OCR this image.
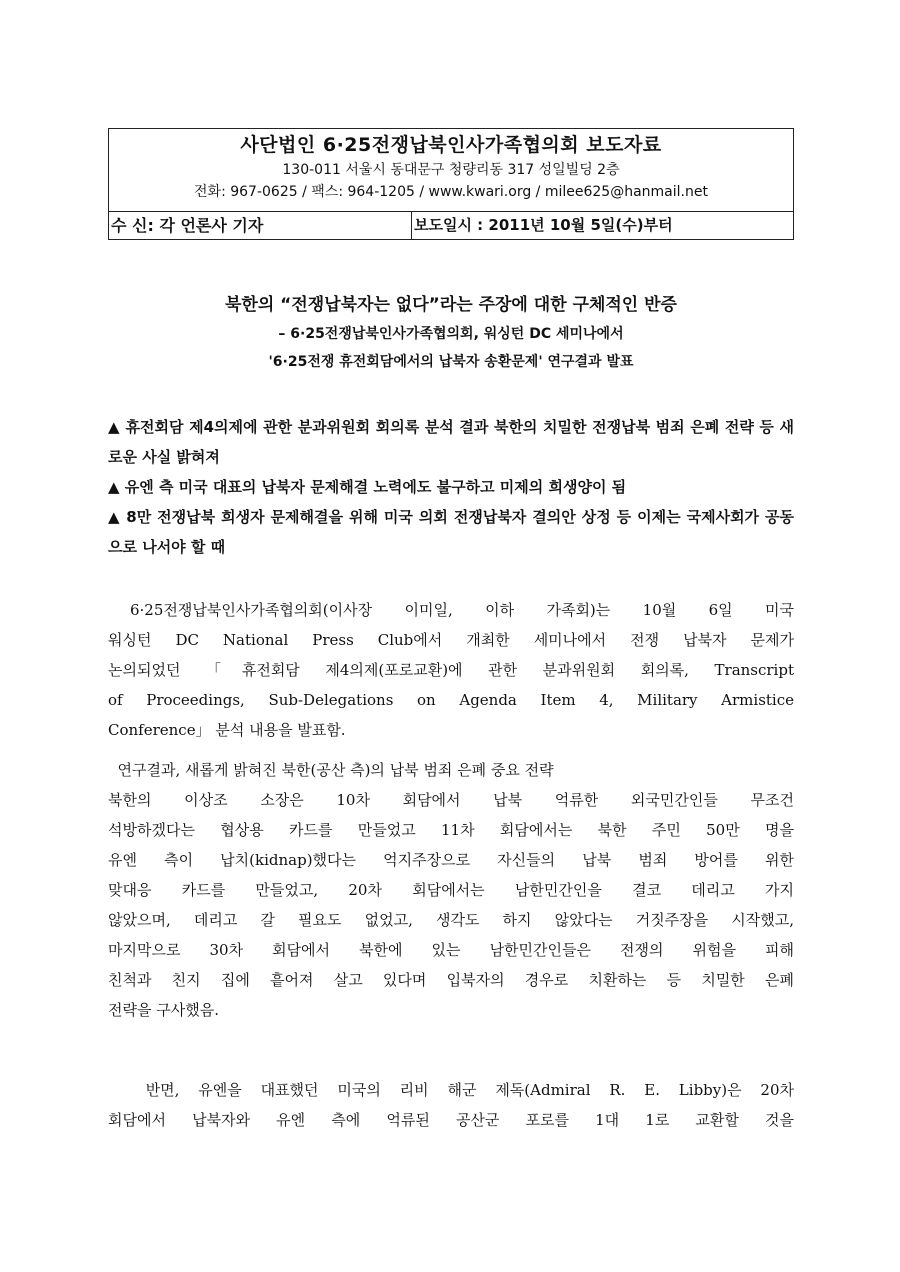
사단법인 6·25전쟁납북인사가족협의회 보도자료
130-011 서울시 동대문구 청량리동 317 성일빌딩 2층
전화: 967-0625 / 팩스: 964-1205 / www.kwari.org / milee625@hanmail.net
수 신: 각 언론사 기자	보도일시 : 2011년 10월 5일(수)부터
북한의 “전쟁납북자는 없다”라는 주장에 대한 구체적인 반증
– 6·25전쟁납북인사가족협의회, 워싱턴 DC 세미나에서
'6·25전쟁 휴전회담에서의 납북자 송환문제' 연구결과 발표

▲ 휴전회담 제4의제에 관한 분과위원회 회의록 분석 결과 북한의 치밀한 전쟁납북 범죄 은폐 전략 등 새로운 사실 밝혀져

▲ 유엔 측 미국 대표의 납북자 문제해결 노력에도 불구하고 미제의 희생양이 됨

▲ 8만 전쟁납북 희생자 문제해결을 위해 미국 의회 전쟁납북자 결의안 상정 등 이제는 국제사회가 공동으로 나서야 할 때

6·25전쟁납북인사가족협의회(이사장 이미일, 이하 가족회)는 10월 6일 미국
워싱턴 DC National Press Club에서 개최한 세미나에서 전쟁 납북자 문제가
논의되었던 「휴전회담 제4의제(포로교환)에 관한 분과위원회 회의록, Transcript
of Proceedings, Sub-Delegations on Agenda Item 4, Military Armistice
Conference」 분석 내용을 발표함.
연구결과, 새롭게 밝혀진 북한(공산 측)의 납북 범죄 은폐 중요 전략
북한의 이상조 소장은 10차 회담에서 납북 억류한 외국민간인들 무조건
석방하겠다는 협상용 카드를 만들었고 11차 회담에서는 북한 주민 50만 명을
유엔 측이 납치(kidnap)했다는 억지주장으로 자신들의 납북 범죄 방어를 위한
맞대응 카드를 만들었고, 20차 회담에서는 남한민간인을 결코 데리고 가지
않았으며, 데리고 갈 필요도 없었고, 생각도 하지 않았다는 거짓주장을 시작했고,
마지막으로 30차 회담에서 북한에 있는 남한민간인들은 전쟁의 위험을 피해
친척과 친지 집에 흩어져 살고 있다며 입북자의 경우로 치환하는 등 치밀한 은폐
전략을 구사했음.
반면, 유엔을 대표했던 미국의 리비 해군 제독(Admiral R. E. Libby)은 20차
회담에서 납북자와 유엔 측에 억류된 공산군 포로를 1대 1로 교환할 것을
